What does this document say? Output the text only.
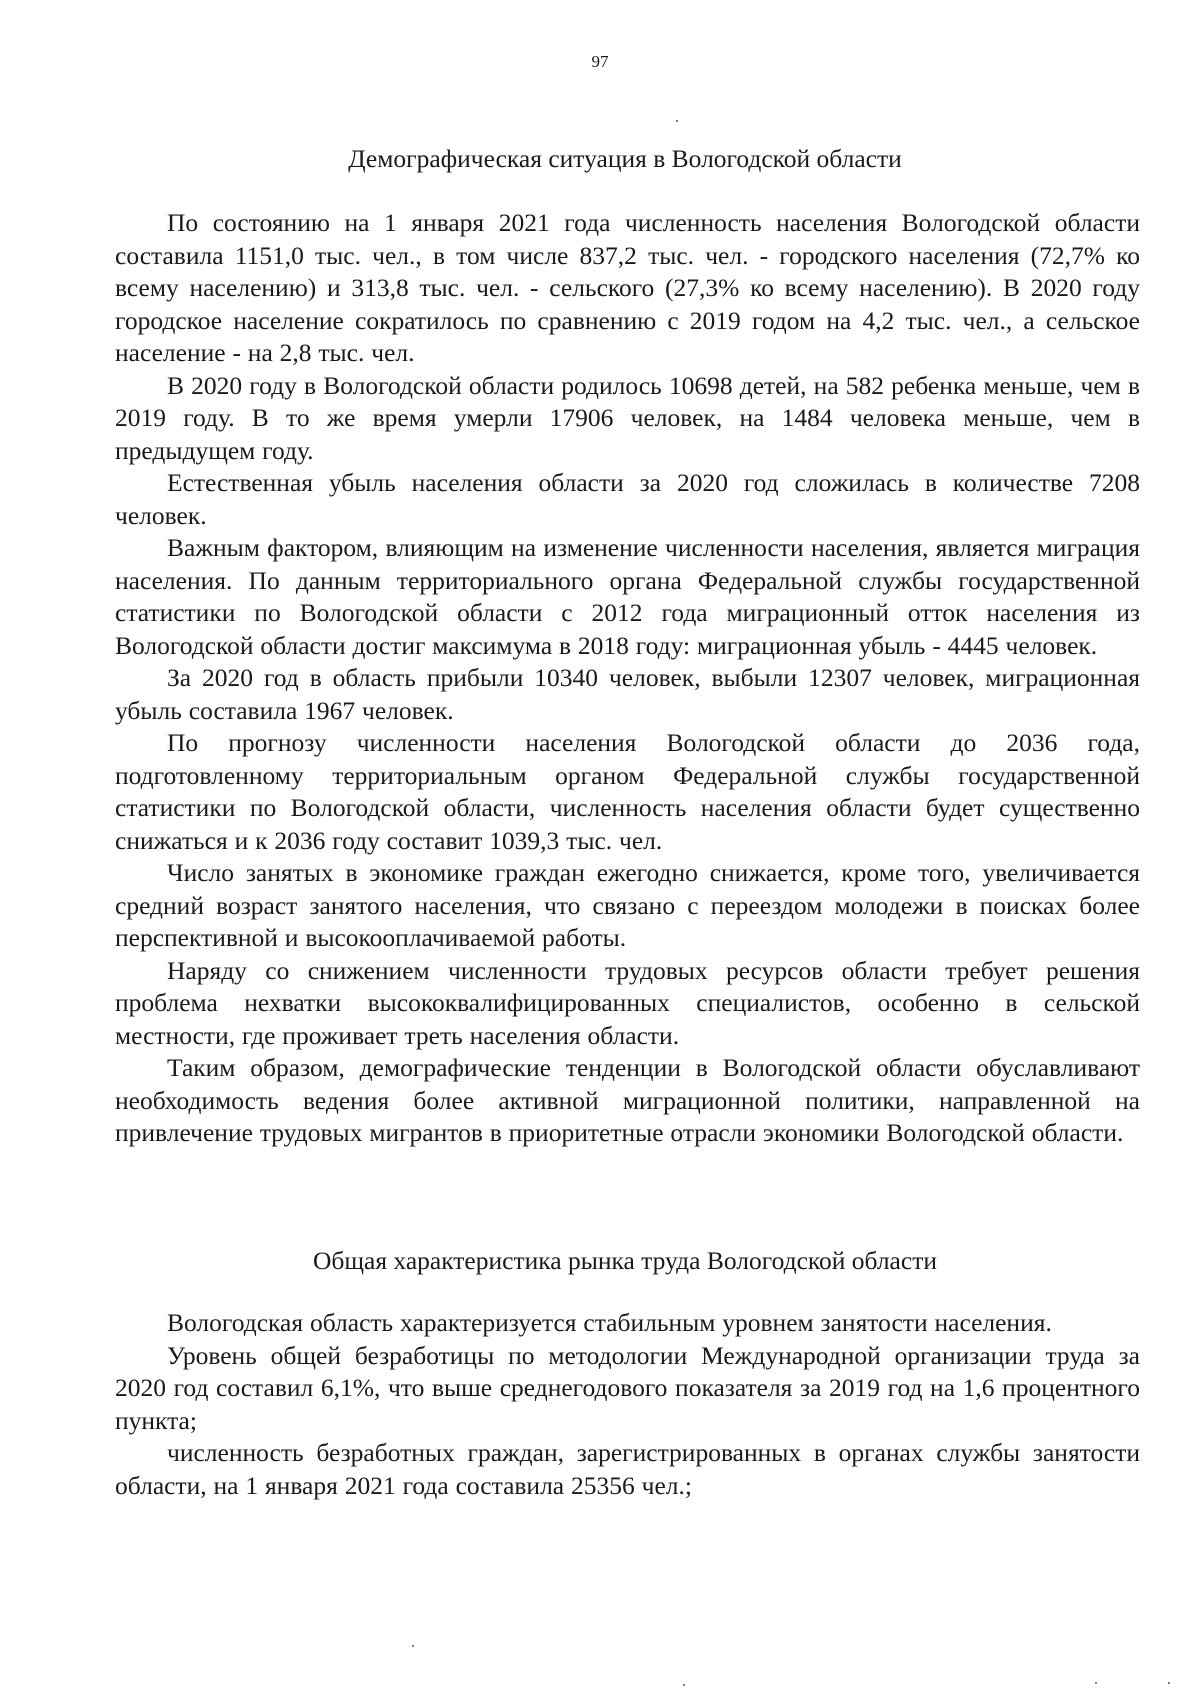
97
Демографическая ситуация в Вологодской области

По состоянию на 1 января 2021 года численность населения Вологодской области составила 1151,0 тыс. чел., в том числе 837,2 тыс. чел. - городского населения (72,7% ко всему населению) и 313,8 тыс. чел. - сельского (27,3% ко всему населению). В 2020 году городское население сократилось по сравнению с 2019 годом на 4,2 тыс. чел., а сельское население - на 2,8 тыс. чел.

В 2020 году в Вологодской области родилось 10698 детей, на 582 ребенка меньше, чем в 2019 году. В то же время умерли 17906 человек, на 1484 человека меньше, чем в предыдущем году.

Естественная убыль населения области за 2020 год сложилась в количестве 7208 человек.

Важным фактором, влияющим на изменение численности населения, является миграция населения. По данным территориального органа Федеральной службы государственной статистики по Вологодской области с 2012 года миграционный отток населения из Вологодской области достиг максимума в 2018 году: миграционная убыль - 4445 человек.

За 2020 год в область прибыли 10340 человек, выбыли 12307 человек, миграционная убыль составила 1967 человек.

По прогнозу численности населения Вологодской области до 2036 года, подготовленному территориальным органом Федеральной службы государственной статистики по Вологодской области, численность населения области будет существенно снижаться и к 2036 году составит 1039,3 тыс. чел.

Число занятых в экономике граждан ежегодно снижается, кроме того, увеличивается средний возраст занятого населения, что связано с переездом молодежи в поисках более перспективной и высокооплачиваемой работы.

Наряду со снижением численности трудовых ресурсов области требует решения проблема нехватки высококвалифицированных специалистов, особенно в сельской местности, где проживает треть населения области.

Таким образом, демографические тенденции в Вологодской области обуславливают необходимость ведения более активной миграционной политики, направленной на привлечение трудовых мигрантов в приоритетные отрасли экономики Вологодской области.

Общая характеристика рынка труда Вологодской области

Вологодская область характеризуется стабильным уровнем занятости населения.

Уровень общей безработицы по методологии Международной организации труда за 2020 год составил 6,1%, что выше среднегодового показателя за 2019 год на 1,6 процентного пункта;

численность безработных граждан, зарегистрированных в органах службы занятости области, на 1 января 2021 года составила 25356 чел.;
